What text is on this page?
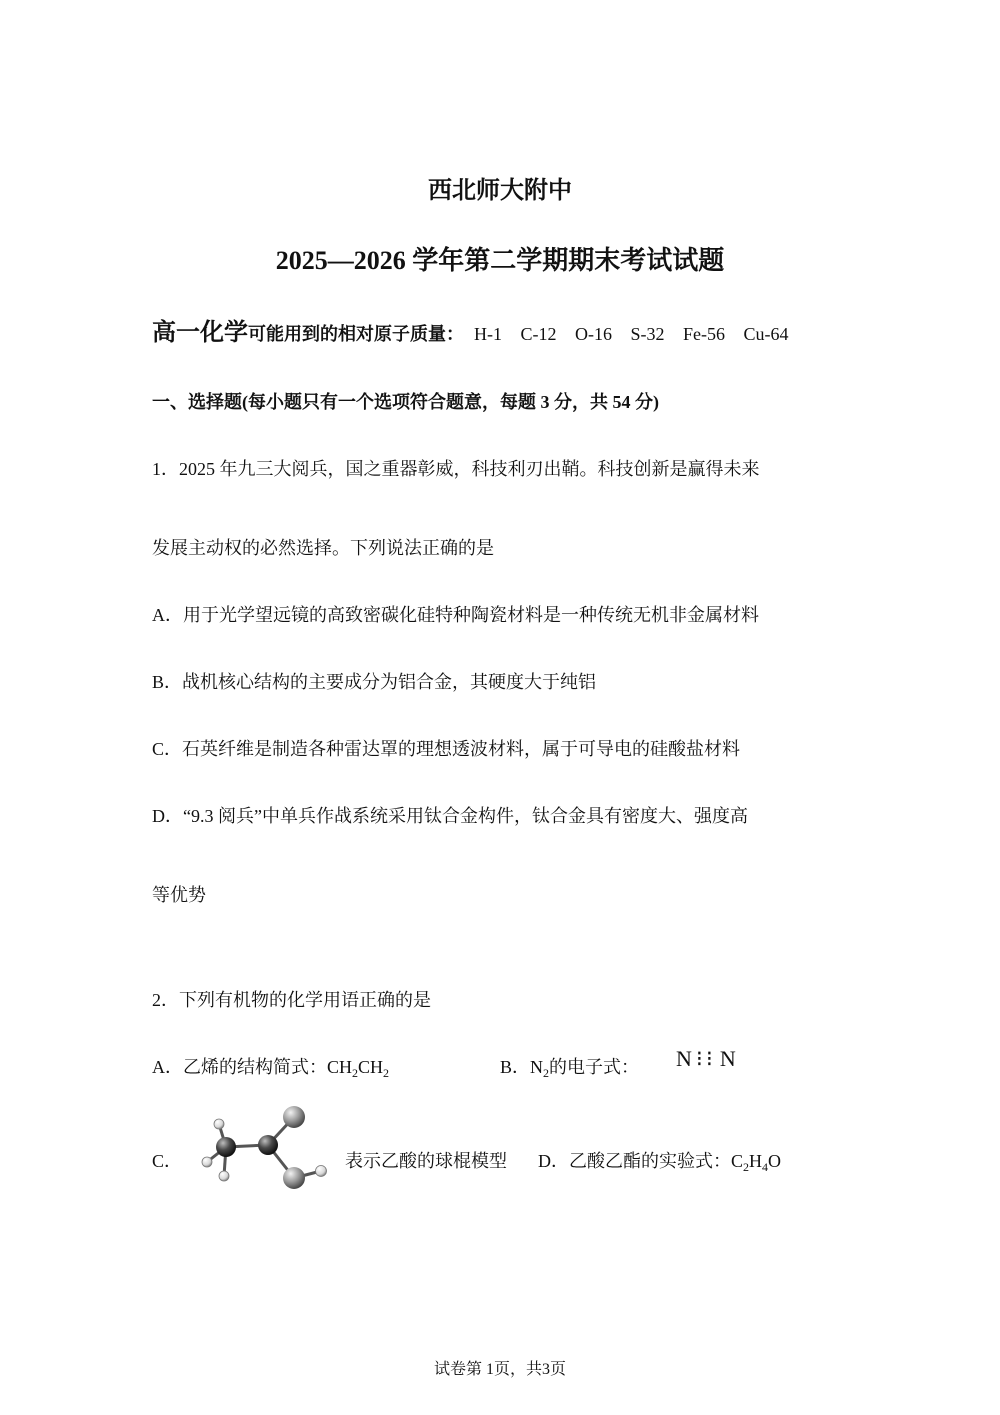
西北师大附中
2025—2026 学年第二学期期末考试试题
高一化学可能用到的相对原子质量： H-1 C-12 O-16 S-32 Fe-56 Cu-64
一、选择题(每小题只有一个选项符合题意，每题 3 分，共 54 分)
1．2025 年九三大阅兵，国之重器彰威，科技利刃出鞘。科技创新是赢得未来
发展主动权的必然选择。下列说法正确的是
A．用于光学望远镜的高致密碳化硅特种陶瓷材料是一种传统无机非金属材料
B．战机核心结构的主要成分为铝合金，其硬度大于纯铝
C．石英纤维是制造各种雷达罩的理想透波材料，属于可导电的硅酸盐材料
D．“9.3 阅兵”中单兵作战系统采用钛合金构件，钛合金具有密度大、强度高
等优势
2．下列有机物的化学用语正确的是
A．乙烯的结构简式：$CH_2CH_2$	B．$N_2$的电子式： N ⁝⁝ N
C．	表示乙酸的球棍模型 D．乙酸乙酯的实验式：$C_2H_4O$
试卷第 1页，共3页
